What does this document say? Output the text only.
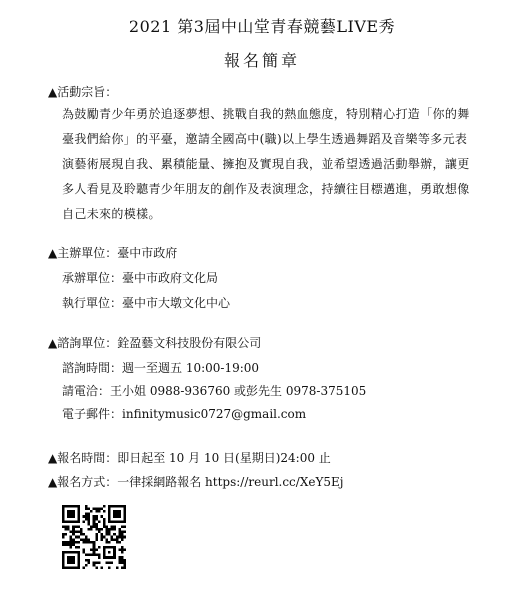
2021 第3屆中山堂青春競藝LIVE秀
報名簡章
▲活動宗旨：
為鼓勵青少年勇於追逐夢想、挑戰自我的熱血態度，特別精心打造「你的舞
臺我們給你」的平臺，邀請全國高中(職)以上學生透過舞蹈及音樂等多元表
演藝術展現自我、累積能量、擁抱及實現自我，並希望透過活動舉辦，讓更
多人看見及聆聽青少年朋友的創作及表演理念，持續往目標邁進，勇敢想像
自己未來的模樣。
▲主辦單位：臺中市政府
承辦單位：臺中市政府文化局
執行單位：臺中市大墩文化中心
▲諮詢單位：銓盈藝文科技股份有限公司
諮詢時間：週一至週五 10:00-19:00
請電洽：王小姐 0988-936760 或彭先生 0978-375105
電子郵件：infinitymusic0727@gmail.com
▲報名時間：即日起至 10 月 10 日(星期日)24:00 止
▲報名方式：一律採網路報名 https://reurl.cc/XeY5Ej
